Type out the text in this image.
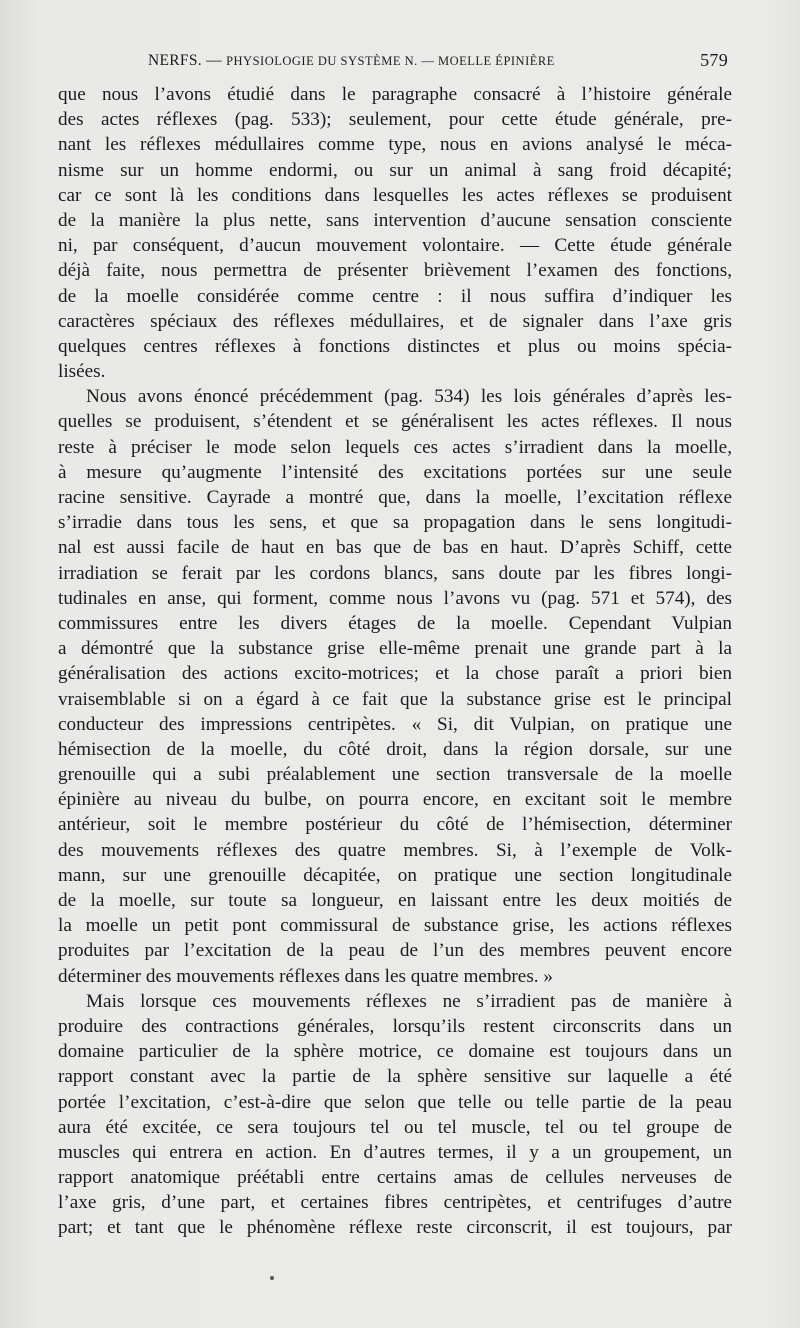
NERFS. — PHYSIOLOGIE DU SYSTÈME N. — MOELLE ÉPINIÈRE	579
que nous l’avons étudié dans le paragraphe consacré à l’histoire générale
des actes réflexes (pag. 533); seulement, pour cette étude générale, pre-
nant les réflexes médullaires comme type, nous en avions analysé le méca-
nisme sur un homme endormi, ou sur un animal à sang froid décapité;
car ce sont là les conditions dans lesquelles les actes réflexes se produisent
de la manière la plus nette, sans intervention d’aucune sensation consciente
ni, par conséquent, d’aucun mouvement volontaire. — Cette étude générale
déjà faite, nous permettra de présenter brièvement l’examen des fonctions,
de la moelle considérée comme centre : il nous suffira d’indiquer les
caractères spéciaux des réflexes médullaires, et de signaler dans l’axe gris
quelques centres réflexes à fonctions distinctes et plus ou moins spécia-
lisées.
Nous avons énoncé précédemment (pag. 534) les lois générales d’après les-
quelles se produisent, s’étendent et se généralisent les actes réflexes. Il nous
reste à préciser le mode selon lequels ces actes s’irradient dans la moelle,
à mesure qu’augmente l’intensité des excitations portées sur une seule
racine sensitive. Cayrade a montré que, dans la moelle, l’excitation réflexe
s’irradie dans tous les sens, et que sa propagation dans le sens longitudi-
nal est aussi facile de haut en bas que de bas en haut. D’après Schiff, cette
irradiation se ferait par les cordons blancs, sans doute par les fibres longi-
tudinales en anse, qui forment, comme nous l’avons vu (pag. 571 et 574), des
commissures entre les divers étages de la moelle. Cependant Vulpian
a démontré que la substance grise elle-même prenait une grande part à la
généralisation des actions excito-motrices; et la chose paraît a priori bien
vraisemblable si on a égard à ce fait que la substance grise est le principal
conducteur des impressions centripètes. « Si, dit Vulpian, on pratique une
hémisection de la moelle, du côté droit, dans la région dorsale, sur une
grenouille qui a subi préalablement une section transversale de la moelle
épinière au niveau du bulbe, on pourra encore, en excitant soit le membre
antérieur, soit le membre postérieur du côté de l’hémisection, déterminer
des mouvements réflexes des quatre membres. Si, à l’exemple de Volk-
mann, sur une grenouille décapitée, on pratique une section longitudinale
de la moelle, sur toute sa longueur, en laissant entre les deux moitiés de
la moelle un petit pont commissural de substance grise, les actions réflexes
produites par l’excitation de la peau de l’un des membres peuvent encore
déterminer des mouvements réflexes dans les quatre membres. »
Mais lorsque ces mouvements réflexes ne s’irradient pas de manière à
produire des contractions générales, lorsqu’ils restent circonscrits dans un
domaine particulier de la sphère motrice, ce domaine est toujours dans un
rapport constant avec la partie de la sphère sensitive sur laquelle a été
portée l’excitation, c’est-à-dire que selon que telle ou telle partie de la peau
aura été excitée, ce sera toujours tel ou tel muscle, tel ou tel groupe de
muscles qui entrera en action. En d’autres termes, il y a un groupement, un
rapport anatomique préétabli entre certains amas de cellules nerveuses de
l’axe gris, d’une part, et certaines fibres centripètes, et centrifuges d’autre
part; et tant que le phénomène réflexe reste circonscrit, il est toujours, par
